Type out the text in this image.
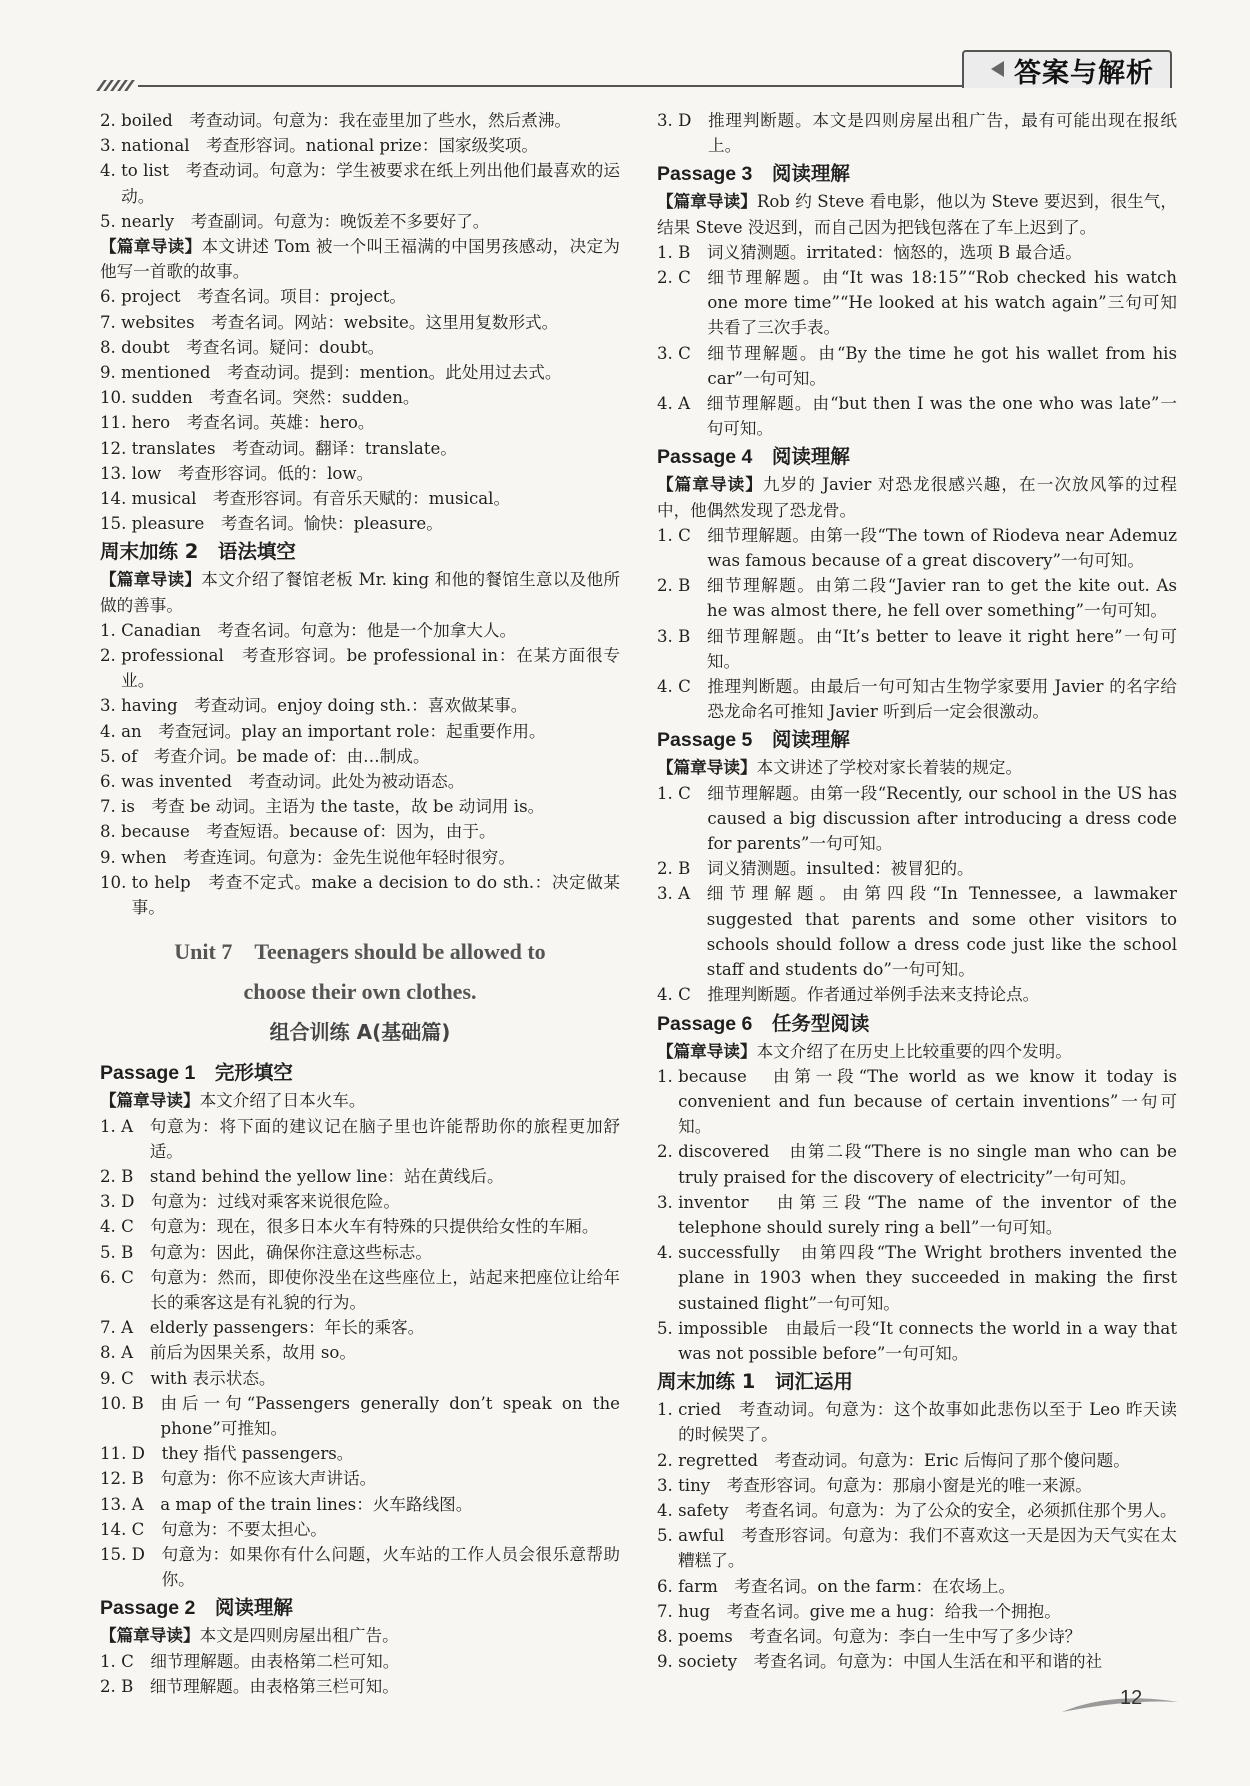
答案与解析
2. boiled　考查动词。句意为：我在壶里加了些水，然后煮沸。
3. national　考查形容词。national prize：国家级奖项。
4. to list　考查动词。句意为：学生被要求在纸上列出他们最喜欢的运动。
5. nearly　考查副词。句意为：晚饭差不多要好了。
【篇章导读】本文讲述 Tom 被一个叫王福满的中国男孩感动，决定为他写一首歌的故事。
6. project　考查名词。项目：project。
7. websites　考查名词。网站：website。这里用复数形式。
8. doubt　考查名词。疑问：doubt。
9. mentioned　考查动词。提到：mention。此处用过去式。
10. sudden　考查名词。突然：sudden。
11. hero　考查名词。英雄：hero。
12. translates　考查动词。翻译：translate。
13. low　考查形容词。低的：low。
14. musical　考查形容词。有音乐天赋的：musical。
15. pleasure　考查名词。愉快：pleasure。
周末加练 2　语法填空
【篇章导读】本文介绍了餐馆老板 Mr. king 和他的餐馆生意以及他所做的善事。
1. Canadian　考查名词。句意为：他是一个加拿大人。
2. professional　考查形容词。be professional in：在某方面很专业。
3. having　考查动词。enjoy doing sth.：喜欢做某事。
4. an　考查冠词。play an important role：起重要作用。
5. of　考查介词。be made of：由…制成。
6. was invented　考查动词。此处为被动语态。
7. is　考查 be 动词。主语为 the taste，故 be 动词用 is。
8. because　考查短语。because of：因为，由于。
9. when　考查连词。句意为：金先生说他年轻时很穷。
10. to help　考查不定式。make a decision to do sth.：决定做某事。
Unit 7　Teenagers should be allowed to
choose their own clothes.
组合训练 A(基础篇)
Passage 1　完形填空
【篇章导读】本文介绍了日本火车。
1. A　 句意为：将下面的建议记在脑子里也许能帮助你的旅程更加舒适。
2. B　 stand behind the yellow line：站在黄线后。
3. D　 句意为：过线对乘客来说很危险。
4. C　 句意为：现在，很多日本火车有特殊的只提供给女性的车厢。
5. B　 句意为：因此，确保你注意这些标志。
6. C　 句意为：然而，即使你没坐在这些座位上，站起来把座位让给年长的乘客这是有礼貌的行为。
7. A　 elderly passengers：年长的乘客。
8. A　 前后为因果关系，故用 so。
9. C　 with 表示状态。
10. B　 由后一句“Passengers generally don’t speak on the phone”可推知。
11. D　 they 指代 passengers。
12. B　 句意为：你不应该大声讲话。
13. A　 a map of the train lines：火车路线图。
14. C　 句意为：不要太担心。
15. D　 句意为：如果你有什么问题，火车站的工作人员会很乐意帮助你。
Passage 2　阅读理解
【篇章导读】本文是四则房屋出租广告。
1. C　 细节理解题。由表格第二栏可知。
2. B　 细节理解题。由表格第三栏可知。
3. D　 推理判断题。本文是四则房屋出租广告，最有可能出现在报纸上。
Passage 3　阅读理解
【篇章导读】Rob 约 Steve 看电影，他以为 Steve 要迟到，很生气，结果 Steve 没迟到，而自己因为把钱包落在了车上迟到了。
1. B　 词义猜测题。irritated：恼怒的，选项 B 最合适。
2. C　 细节理解题。由“It was 18:15”“Rob checked his watch one more time”“He looked at his watch again”三句可知共看了三次手表。
3. C　 细节理解题。由“By the time he got his wallet from his car”一句可知。
4. A　 细节理解题。由“but then I was the one who was late”一句可知。
Passage 4　阅读理解
【篇章导读】九岁的 Javier 对恐龙很感兴趣，在一次放风筝的过程中，他偶然发现了恐龙骨。
1. C　 细节理解题。由第一段“The town of Riodeva near Ademuz was famous because of a great discovery”一句可知。
2. B　 细节理解题。由第二段“Javier ran to get the kite out. As he was almost there, he fell over something”一句可知。
3. B　 细节理解题。由“It’s better to leave it right here”一句可知。
4. C　 推理判断题。由最后一句可知古生物学家要用 Javier 的名字给恐龙命名可推知 Javier 听到后一定会很激动。
Passage 5　阅读理解
【篇章导读】本文讲述了学校对家长着装的规定。
1. C　 细节理解题。由第一段“Recently, our school in the US has caused a big discussion after introducing a dress code for parents”一句可知。
2. B　 词义猜测题。insulted：被冒犯的。
3. A　 细节理解题。由第四段“In Tennessee, a lawmaker suggested that parents and some other visitors to schools should follow a dress code just like the school staff and students do”一句可知。
4. C　 推理判断题。作者通过举例手法来支持论点。
Passage 6　任务型阅读
【篇章导读】本文介绍了在历史上比较重要的四个发明。
1. because　由第一段“The world as we know it today is convenient and fun because of certain inventions”一句可知。
2. discovered　由第二段“There is no single man who can be truly praised for the discovery of electricity”一句可知。
3. inventor　由第三段“The name of the inventor of the telephone should surely ring a bell”一句可知。
4. successfully　由第四段“The Wright brothers invented the plane in 1903 when they succeeded in making the first sustained flight”一句可知。
5. impossible　由最后一段“It connects the world in a way that was not possible before”一句可知。
周末加练 1　词汇运用
1. cried　考查动词。句意为：这个故事如此悲伤以至于 Leo 昨天读的时候哭了。
2. regretted　考查动词。句意为：Eric 后悔问了那个傻问题。
3. tiny　考查形容词。句意为：那扇小窗是光的唯一来源。
4. safety　考查名词。句意为：为了公众的安全，必须抓住那个男人。
5. awful　考查形容词。句意为：我们不喜欢这一天是因为天气实在太糟糕了。
6. farm　考查名词。on the farm：在农场上。
7. hug　考查名词。give me a hug：给我一个拥抱。
8. poems　考查名词。句意为：李白一生中写了多少诗？
9. society　考查名词。句意为：中国人生活在和平和谐的社
12
